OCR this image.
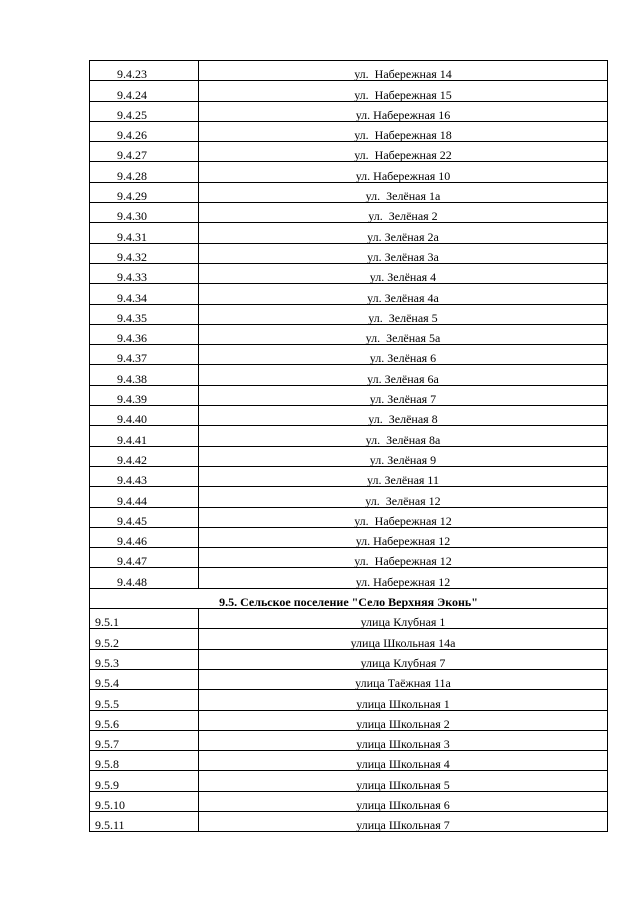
9.4.23	ул.  Набережная 14

9.4.24	ул.  Набережная 15

9.4.25	ул. Набережная 16

9.4.26	ул.  Набережная 18

9.4.27	ул.  Набережная 22

9.4.28	ул. Набережная 10

9.4.29	ул.  Зелёная 1а

9.4.30	ул.  Зелёная 2

9.4.31	ул. Зелёная 2а

9.4.32	ул. Зелёная 3а

9.4.33	ул. Зелёная 4

9.4.34	ул. Зелёная 4а

9.4.35	ул.  Зелёная 5

9.4.36	ул.  Зелёная 5а

9.4.37	ул. Зелёная 6

9.4.38	ул. Зелёная 6а

9.4.39	ул. Зелёная 7

9.4.40	ул.  Зелёная 8

9.4.41	ул.  Зелёная 8а

9.4.42	ул. Зелёная 9

9.4.43	ул. Зелёная 11

9.4.44	ул.  Зелёная 12

9.4.45	ул.  Набережная 12

9.4.46	ул. Набережная 12

9.4.47	ул.  Набережная 12

9.4.48	ул. Набережная 12
9.5. Сельское поселение "Село Верхняя Эконь"	

9.5.1	улица Клубная 1

9.5.2	улица Школьная 14а

9.5.3	улица Клубная 7

9.5.4	улица Таёжная 11а

9.5.5	улица Школьная 1

9.5.6	улица Школьная 2

9.5.7	улица Школьная 3

9.5.8	улица Школьная 4

9.5.9	улица Школьная 5

9.5.10	улица Школьная 6

9.5.11	улица Школьная 7
